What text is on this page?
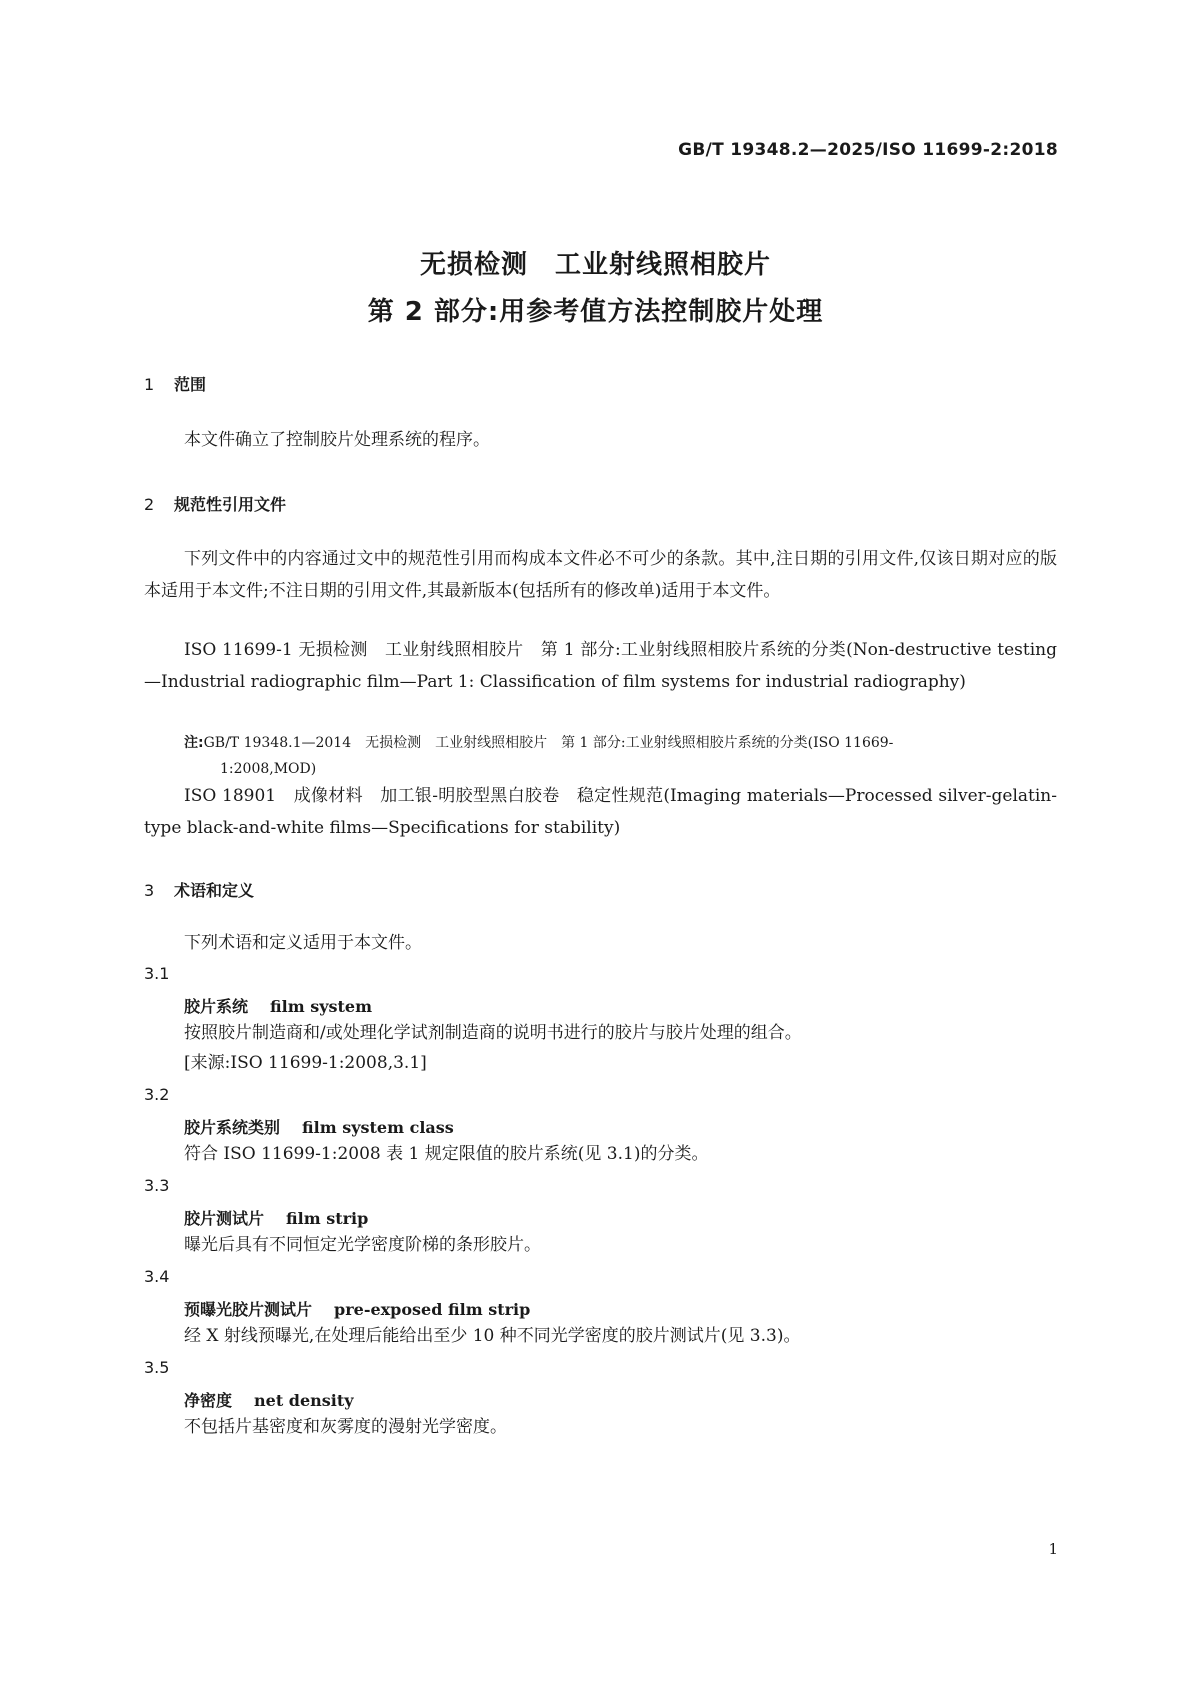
GB/T 19348.2—2025/ISO 11699-2:2018
无损检测　工业射线照相胶片
第 2 部分:用参考值方法控制胶片处理
1 范围
本文件确立了控制胶片处理系统的程序。
2 规范性引用文件
下列文件中的内容通过文中的规范性引用而构成本文件必不可少的条款。其中,注日期的引用文件,仅该日期对应的版本适用于本文件;不注日期的引用文件,其最新版本(包括所有的修改单)适用于本文件。
ISO 11699-1 无损检测　工业射线照相胶片　第 1 部分:工业射线照相胶片系统的分类(Non-destructive testing—Industrial radiographic film—Part 1: Classification of film systems for industrial radiography)
注:GB/T 19348.1—2014　无损检测　工业射线照相胶片　第 1 部分:工业射线照相胶片系统的分类(ISO 11669-
1:2008,MOD)
ISO 18901　成像材料　加工银-明胶型黑白胶卷　稳定性规范(Imaging materials—Processed silver-gelatin-type black-and-white films—Specifications for stability)
3 术语和定义
下列术语和定义适用于本文件。
3.1
胶片系统 film system
按照胶片制造商和/或处理化学试剂制造商的说明书进行的胶片与胶片处理的组合。
[来源:ISO 11699-1:2008,3.1]
3.2
胶片系统类别 film system class
符合 ISO 11699-1:2008 表 1 规定限值的胶片系统(见 3.1)的分类。
3.3
胶片测试片 film strip
曝光后具有不同恒定光学密度阶梯的条形胶片。
3.4
预曝光胶片测试片 pre-exposed film strip
经 X 射线预曝光,在处理后能给出至少 10 种不同光学密度的胶片测试片(见 3.3)。
3.5
净密度 net density
不包括片基密度和灰雾度的漫射光学密度。
1
